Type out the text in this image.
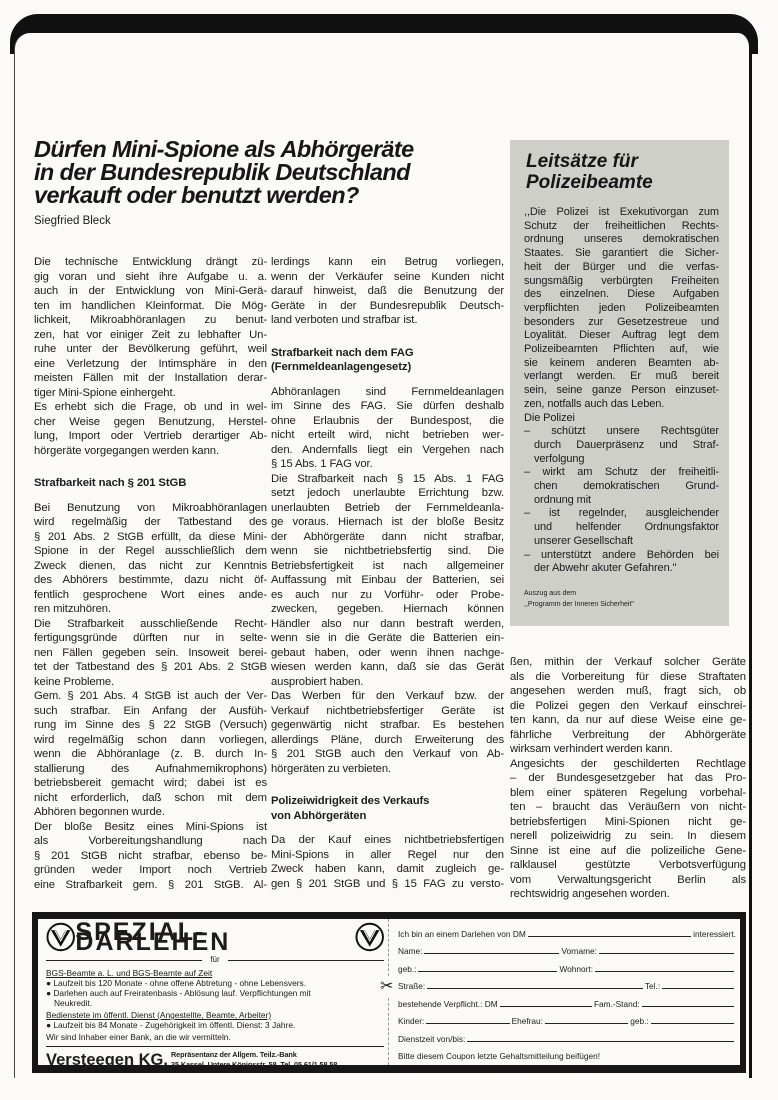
Dürfen Mini-Spione als Abhörgeräte
in der Bundesrepublik Deutschland
verkauft oder benutzt werden?
Siegfried Bleck
Die technische Entwicklung drängt zü-
gig voran und sieht ihre Aufgabe u. a.
auch in der Entwicklung von Mini-Gerä-
ten im handlichen Kleinformat. Die Mög-
lichkeit, Mikroabhöranlagen zu benut-
zen, hat vor einiger Zeit zu lebhafter Un-
ruhe unter der Bevölkerung geführt, weil
eine Verletzung der Intimsphäre in den
meisten Fällen mit der Installation derar-
tiger Mini-Spione einhergeht.
Es erhebt sich die Frage, ob und in wel-
cher Weise gegen Benutzung, Herstel-
lung, Import oder Vertrieb derartiger Ab-
hörgeräte vorgegangen werden kann.
Strafbarkeit nach § 201 StGB
Bei Benutzung von Mikroabhöranlagen
wird regelmäßig der Tatbestand des
§ 201 Abs. 2 StGB erfüllt, da diese Mini-
Spione in der Regel ausschließlich dem
Zweck dienen, das nicht zur Kenntnis
des Abhörers bestimmte, dazu nicht öf-
fentlich gesprochene Wort eines ande-
ren mitzuhören.
Die Strafbarkeit ausschließende Recht-
fertigungsgründe dürften nur in selte-
nen Fällen gegeben sein. Insoweit berei-
tet der Tatbestand des § 201 Abs. 2 StGB
keine Probleme.
Gem. § 201 Abs. 4 StGB ist auch der Ver-
such strafbar. Ein Anfang der Ausfüh-
rung im Sinne des § 22 StGB (Versuch)
wird regelmäßig schon dann vorliegen,
wenn die Abhöranlage (z. B. durch In-
stallierung des Aufnahmemikrophons)
betriebsbereit gemacht wird; dabei ist es
nicht erforderlich, daß schon mit dem
Abhören begonnen wurde.
Der bloße Besitz eines Mini-Spions ist
als Vorbereitungshandlung nach
§ 201 StGB nicht strafbar, ebenso be-
gründen weder Import noch Vertrieb
eine Strafbarkeit gem. § 201 StGB. Al-
lerdings kann ein Betrug vorliegen,
wenn der Verkäufer seine Kunden nicht
darauf hinweist, daß die Benutzung der
Geräte in der Bundesrepublik Deutsch-
land verboten und strafbar ist.
Strafbarkeit nach dem FAG
(Fernmeldeanlagengesetz)
Abhöranlagen sind Fernmeldeanlagen
im Sinne des FAG. Sie dürfen deshalb
ohne Erlaubnis der Bundespost, die
nicht erteilt wird, nicht betrieben wer-
den. Andernfalls liegt ein Vergehen nach
§ 15 Abs. 1 FAG vor.
Die Strafbarkeit nach § 15 Abs. 1 FAG
setzt jedoch unerlaubte Errichtung bzw.
unerlaubten Betrieb der Fernmeldeanla-
ge voraus. Hiernach ist der bloße Besitz
der Abhörgeräte dann nicht strafbar,
wenn sie nichtbetriebsfertig sind. Die
Betriebsfertigkeit ist nach allgemeiner
Auffassung mit Einbau der Batterien, sei
es auch nur zu Vorführ- oder Probe-
zwecken, gegeben. Hiernach können
Händler also nur dann bestraft werden,
wenn sie in die Geräte die Batterien ein-
gebaut haben, oder wenn ihnen nachge-
wiesen werden kann, daß sie das Gerät
ausprobiert haben.
Das Werben für den Verkauf bzw. der
Verkauf nichtbetriebsfertiger Geräte ist
gegenwärtig nicht strafbar. Es bestehen
allerdings Pläne, durch Erweiterung des
§ 201 StGB auch den Verkauf von Ab-
hörgeräten zu verbieten.
Polizeiwidrigkeit des Verkaufs
von Abhörgeräten
Da der Kauf eines nichtbetriebsfertigen
Mini-Spions in aller Regel nur den
Zweck haben kann, damit zugleich ge-
gen § 201 StGB und § 15 FAG zu versto-
Leitsätze für
Polizeibeamte
,,Die Polizei ist Exekutivorgan zum
Schutz der freiheitlichen Rechts-
ordnung unseres demokratischen
Staates. Sie garantiert die Sicher-
heit der Bürger und die verfas-
sungsmäßig verbürgten Freiheiten
des einzelnen. Diese Aufgaben
verpflichten jeden Polizeibeamten
besonders zur Gesetzestreue und
Loyalität. Dieser Auftrag legt dem
Polizeibeamten Pflichten auf, wie
sie keinem anderen Beamten ab-
verlangt werden. Er muß bereit
sein, seine ganze Person einzuset-
zen, notfalls auch das Leben.
Die Polizei
– schützt unsere Rechtsgüter
durch Dauerpräsenz und Straf-
verfolgung
– wirkt am Schutz der freiheitli-
chen demokratischen Grund-
ordnung mit
– ist regelnder, ausgleichender
und helfender Ordnungsfaktor
unserer Gesellschaft
– unterstützt andere Behörden bei
der Abwehr akuter Gefahren."
Auszug aus dem
,,Programm der Inneren Sicherheit"
ßen, mithin der Verkauf solcher Geräte
als die Vorbereitung für diese Straftaten
angesehen werden muß, fragt sich, ob
die Polizei gegen den Verkauf einschrei-
ten kann, da nur auf diese Weise eine ge-
fährliche Verbreitung der Abhörgeräte
wirksam verhindert werden kann.
Angesichts der geschilderten Rechtlage
– der Bundesgesetzgeber hat das Pro-
blem einer späteren Regelung vorbehal-
ten – braucht das Veräußern von nicht-
betriebsfertigen Mini-Spionen nicht ge-
nerell polizeiwidrig zu sein. In diesem
Sinne ist eine auf die polizeiliche Gene-
ralklausel gestützte Verbotsverfügung
vom Verwaltungsgericht Berlin als
rechtswidrig angesehen worden.
SPEZIAL-DARLEHEN
für
BGS-Beamte a. L. und BGS-Beamte auf Zeit
● Laufzeit bis 120 Monate - ohne offene Abtretung - ohne Lebensvers.
● Darlehen auch auf Freiratenbasis - Ablösung lauf. Verpflichtungen mit
Neukredit.
Bedienstete im öffentl. Dienst (Angestellte, Beamte, Arbeiter)
● Laufzeit bis 84 Monate - Zugehörigkeit im öffentl. Dienst: 3 Jahre.
Wir sind Inhaber einer Bank, an die wir vermitteln.
Versteegen KG. Repräsentanz der Allgem. Teilz.-Bank
35 Kassel, Untere Königsstr. 58, Tel. 05 61/1 58 58
✂
Ich bin an einem Darlehen von DM	interessiert.
Name:	Vorname:
geb.:	Wohnort:
Straße:	Tel.:
bestehende Verpflicht.: DM	Fam.-Stand:
Kinder:	Ehefrau:	geb.:
Dienstzeit von/bis:
Bitte diesem Coupon letzte Gehaltsmitteilung beifügen!
15
